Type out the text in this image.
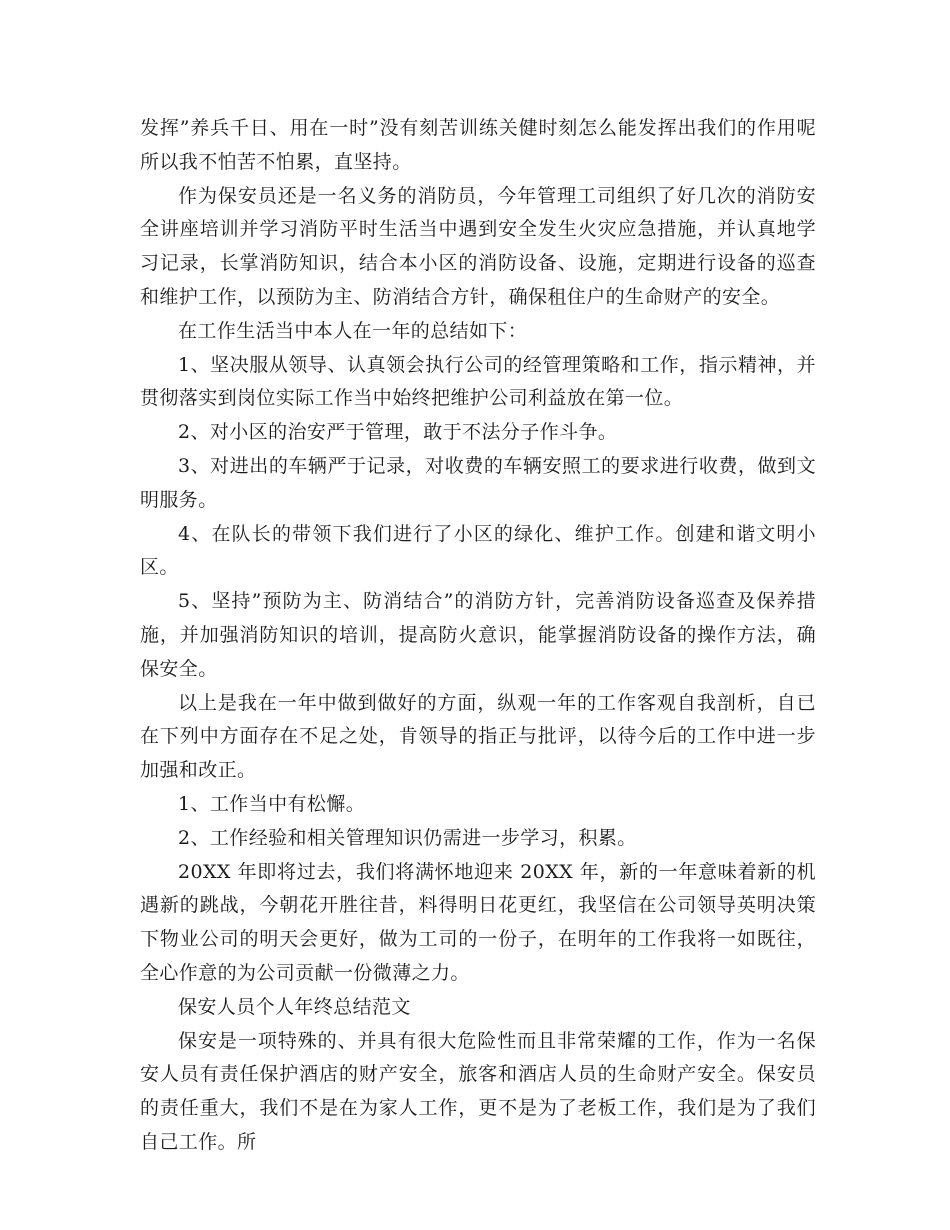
发挥”养兵千日、用在一时”没有刻苦训练关健时刻怎么能发挥出我们的作用呢所以我不怕苦不怕累，直坚持。

作为保安员还是一名义务的消防员，今年管理工司组织了好几次的消防安全讲座培训并学习消防平时生活当中遇到安全发生火灾应急措施，并认真地学习记录，长掌消防知识，结合本小区的消防设备、设施，定期进行设备的巡查和维护工作，以预防为主、防消结合方针，确保租住户的生命财产的安全。

在工作生活当中本人在一年的总结如下：

1、坚决服从领导、认真领会执行公司的经管理策略和工作，指示精神，并贯彻落实到岗位实际工作当中始终把维护公司利益放在第一位。

2、对小区的治安严于管理，敢于不法分子作斗争。

3、对进出的车辆严于记录，对收费的车辆安照工的要求进行收费，做到文明服务。

4、在队长的带领下我们进行了小区的绿化、维护工作。创建和谐文明小区。

5、坚持”预防为主、防消结合”的消防方针，完善消防设备巡查及保养措施，并加强消防知识的培训，提高防火意识，能掌握消防设备的操作方法，确保安全。

以上是我在一年中做到做好的方面，纵观一年的工作客观自我剖析，自已在下列中方面存在不足之处，肯领导的指正与批评，以待今后的工作中进一步加强和改正。

1、工作当中有松懈。

2、工作经验和相关管理知识仍需进一步学习，积累。

20XX 年即将过去，我们将满怀地迎来 20XX 年，新的一年意味着新的机遇新的跳战，今朝花开胜往昔，料得明日花更红，我坚信在公司领导英明决策下物业公司的明天会更好，做为工司的一份子，在明年的工作我将一如既往，全心作意的为公司贡献一份微薄之力。

保安人员个人年终总结范文

保安是一项特殊的、并具有很大危险性而且非常荣耀的工作，作为一名保安人员有责任保护酒店的财产安全，旅客和酒店人员的生命财产安全。保安员的责任重大，我们不是在为家人工作，更不是为了老板工作，我们是为了我们自己工作。所
